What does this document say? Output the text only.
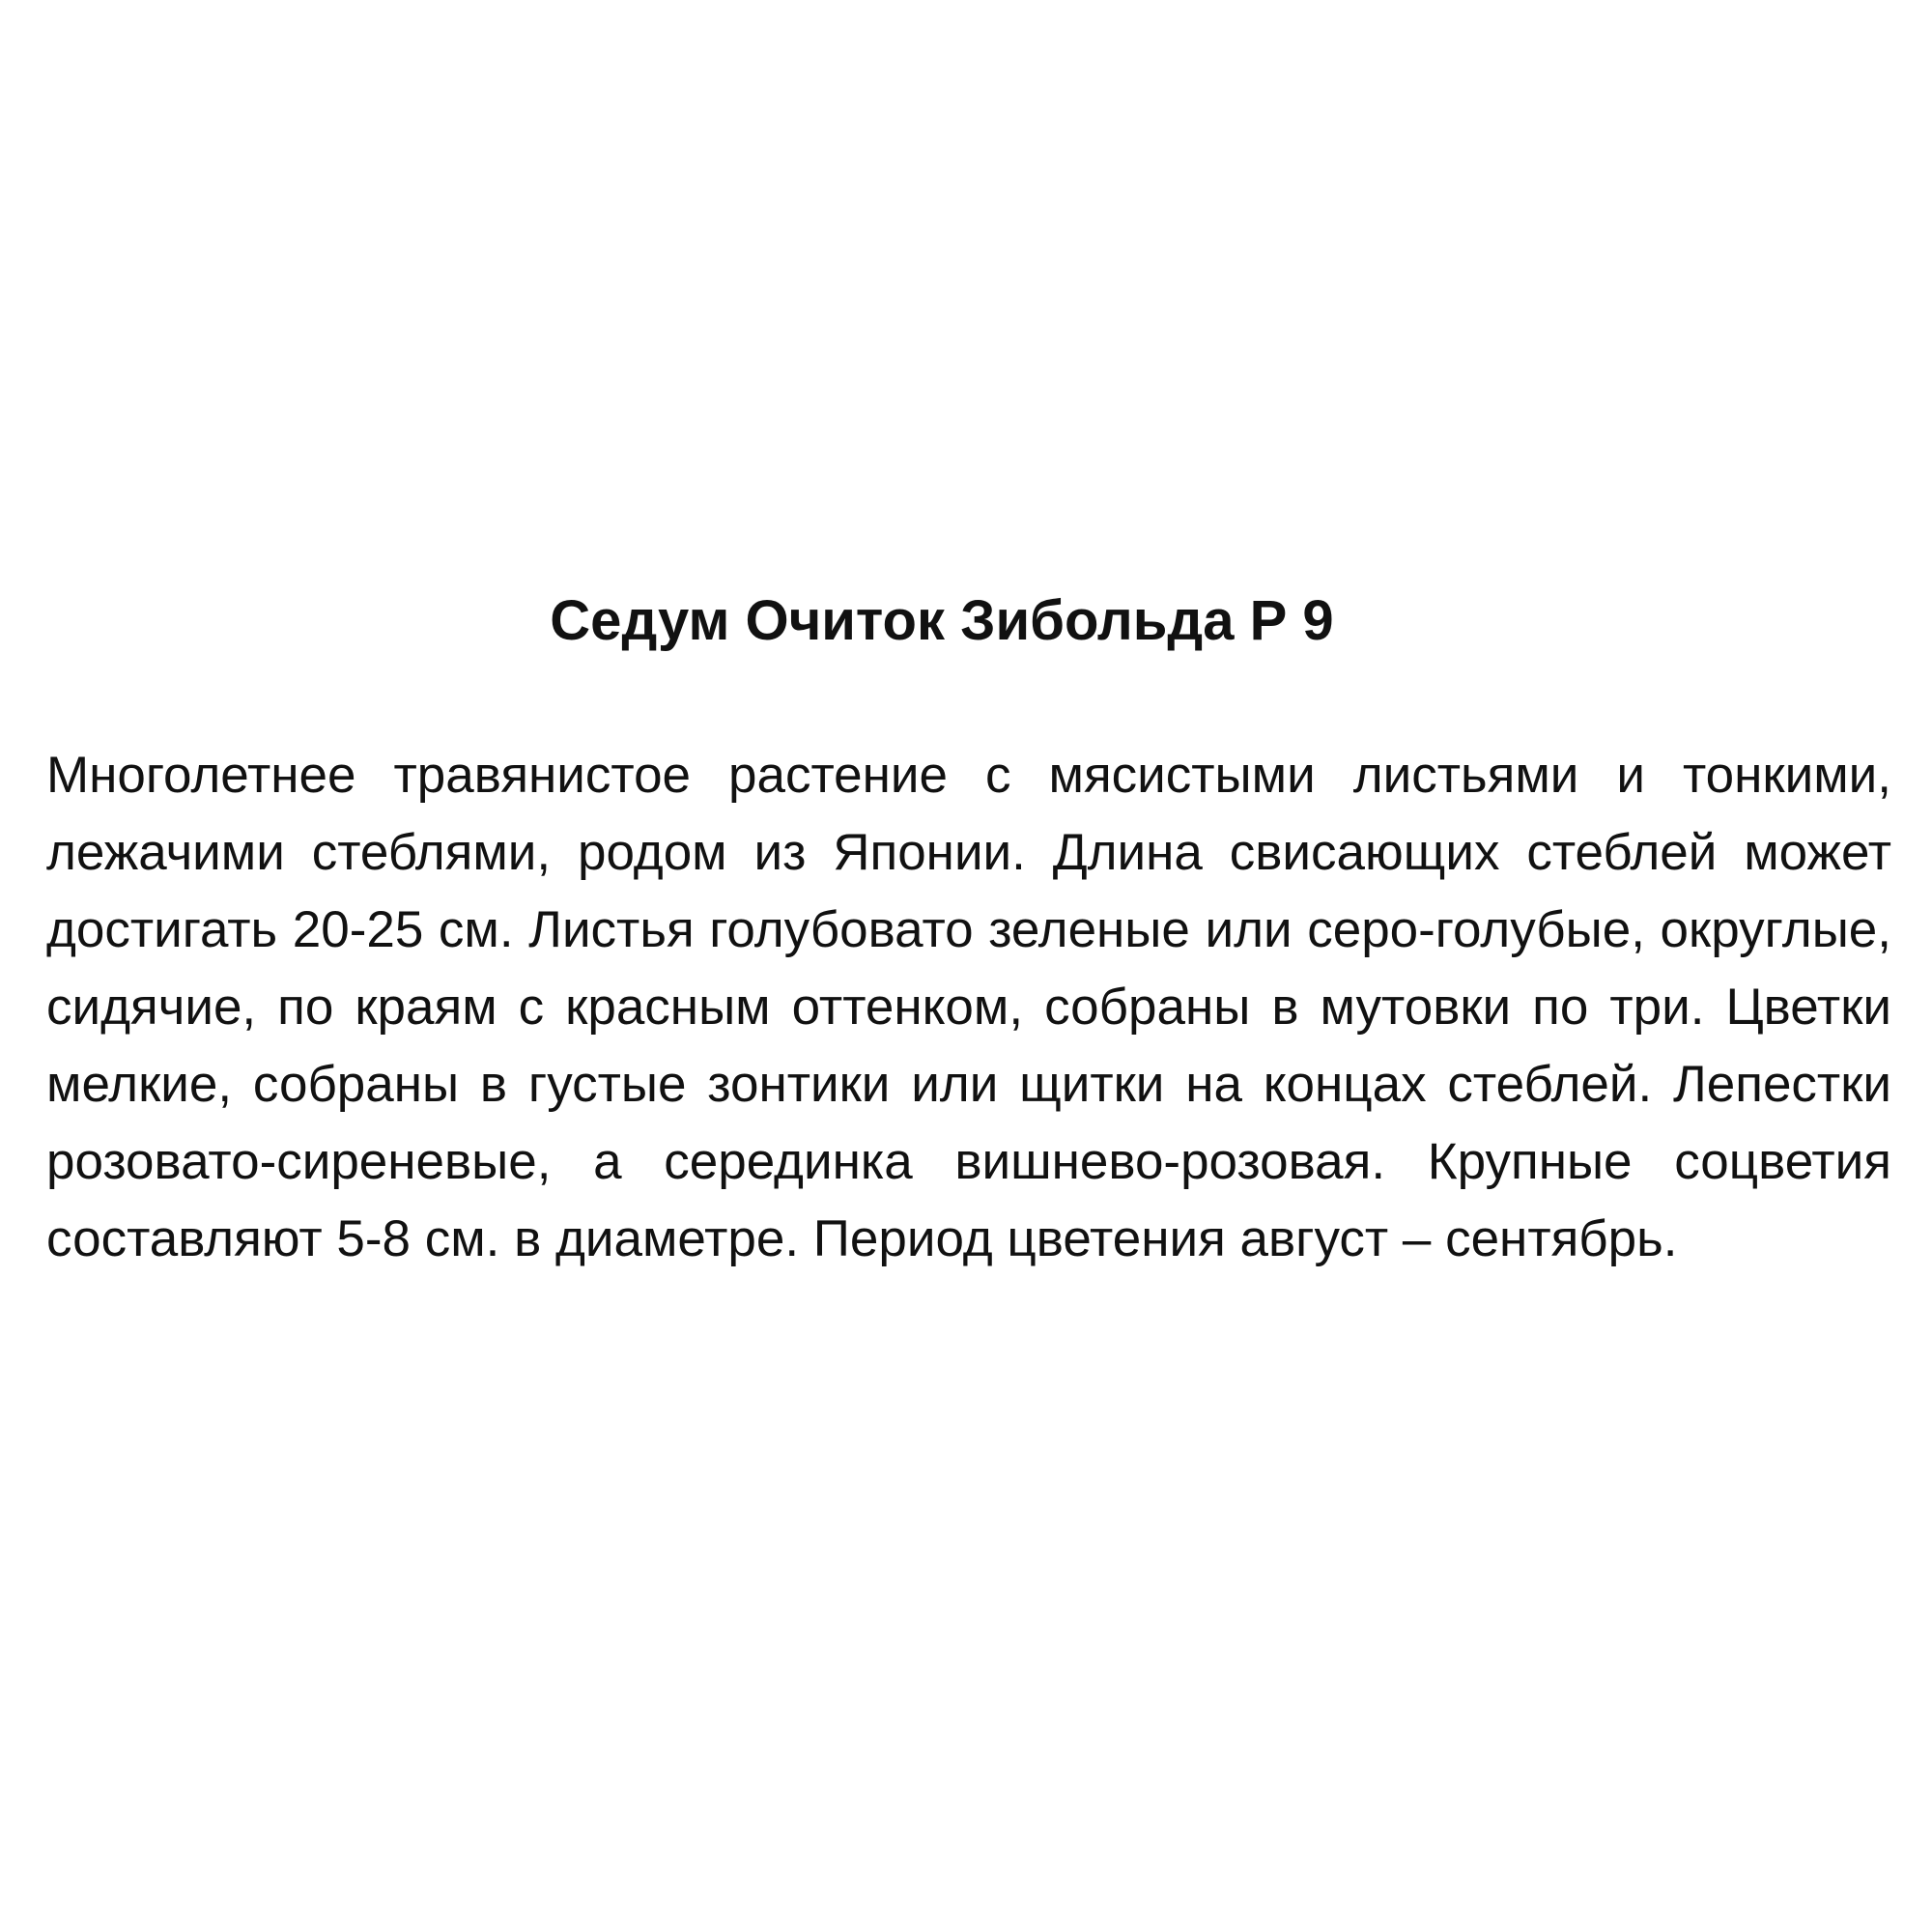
Седум Очиток Зибольда Р 9

Многолетнее травянистое растение с мясистыми листьями и тонкими, лежачими стеблями, родом из Японии. Длина свисающих стеблей может достигать 20-25 см. Листья голубовато зеленые или серо-голубые, округлые, сидячие, по краям с красным оттенком, собраны в мутовки по три. Цветки мелкие, собраны в густые зонтики или щитки на концах стеблей. Лепестки розовато-сиреневые, а серединка вишнево-розовая. Крупные соцветия составляют 5-8 см. в диаметре. Период цветения август – сентябрь.
